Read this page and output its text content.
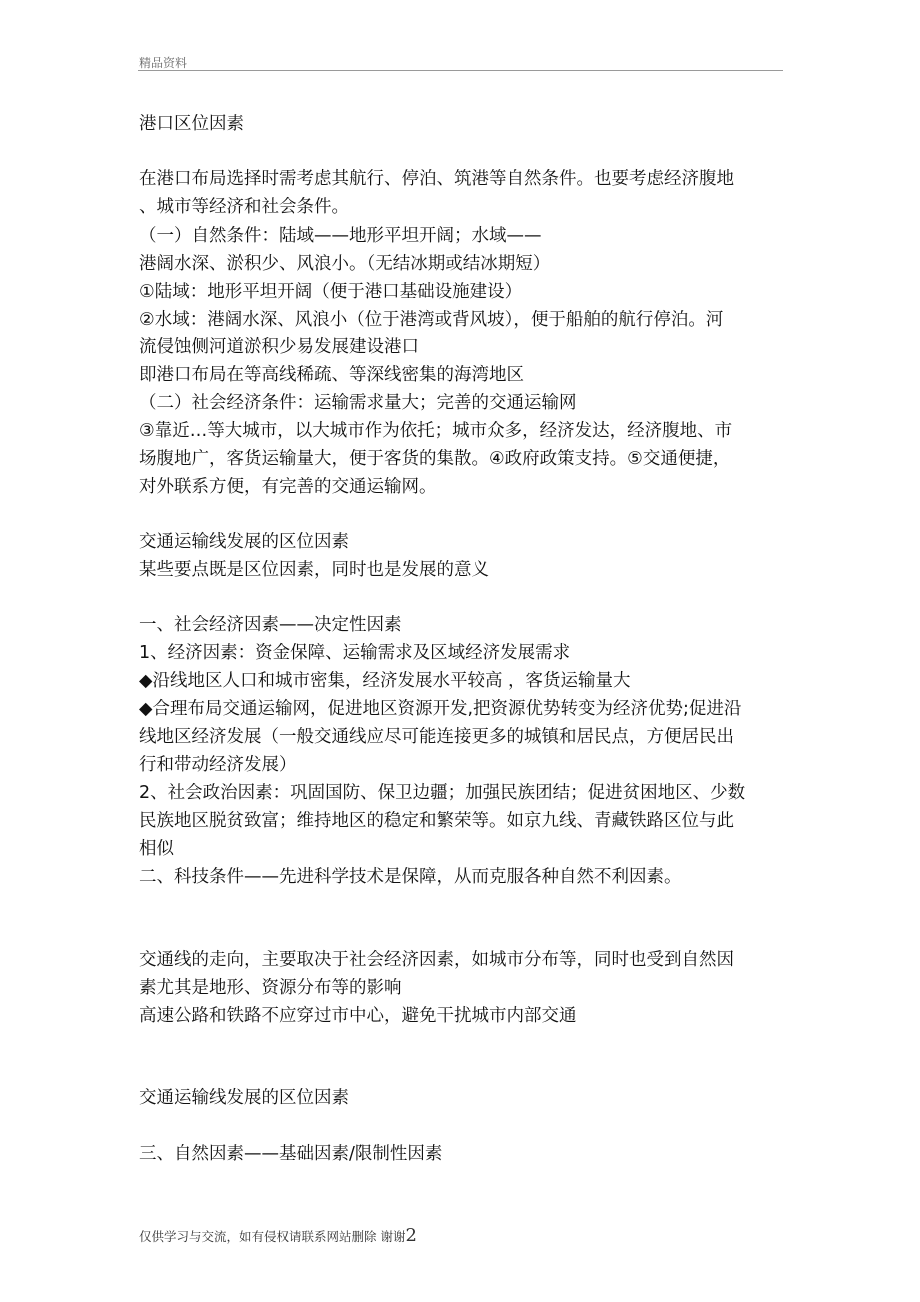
精品资料
港口区位因素
在港口布局选择时需考虑其航行、停泊、筑港等自然条件。也要考虑经济腹地
、城市等经济和社会条件。
（一）自然条件：陆域——地形平坦开阔；水域——
港阔水深、淤积少、风浪小。（无结冰期或结冰期短）
①陆域：地形平坦开阔（便于港口基础设施建设）
②水域：港阔水深、风浪小（位于港湾或背风坡），便于船舶的航行停泊。河
流侵蚀侧河道淤积少易发展建设港口
即港口布局在等高线稀疏、等深线密集的海湾地区
（二）社会经济条件：运输需求量大；完善的交通运输网
③靠近…等大城市，以大城市作为依托；城市众多，经济发达，经济腹地、市
场腹地广，客货运输量大，便于客货的集散。④政府政策支持。⑤交通便捷，
对外联系方便，有完善的交通运输网。
交通运输线发展的区位因素
某些要点既是区位因素，同时也是发展的意义
一、社会经济因素——决定性因素
1、经济因素：资金保障、运输需求及区域经济发展需求
◆沿线地区人口和城市密集，经济发展水平较高 ，客货运输量大
◆合理布局交通运输网，促进地区资源开发,把资源优势转变为经济优势;促进沿
线地区经济发展（一般交通线应尽可能连接更多的城镇和居民点，方便居民出
行和带动经济发展）
2、社会政治因素：巩固国防、保卫边疆；加强民族团结；促进贫困地区、少数
民族地区脱贫致富；维持地区的稳定和繁荣等。如京九线、青藏铁路区位与此
相似
二、科技条件——先进科学技术是保障，从而克服各种自然不利因素。
交通线的走向，主要取决于社会经济因素，如城市分布等，同时也受到自然因
素尤其是地形、资源分布等的影响
高速公路和铁路不应穿过市中心，避免干扰城市内部交通
交通运输线发展的区位因素
三、自然因素——基础因素/限制性因素
仅供学习与交流，如有侵权请联系网站删除 谢谢2
